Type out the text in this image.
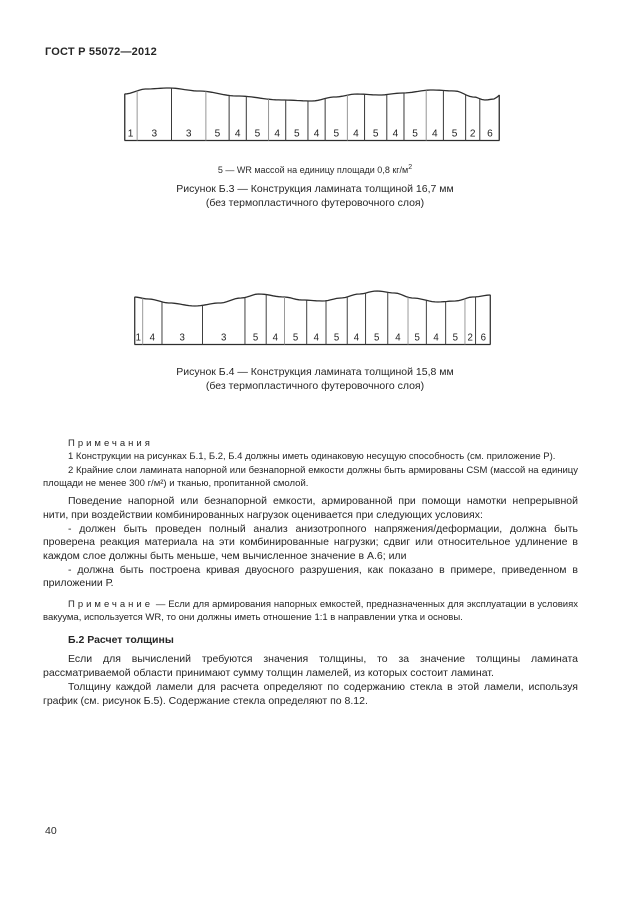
ГОСТ Р 55072—2012
1 3	3 5 4 5 4 5 4 5 4 5 4 5 4 5 2 6
5 — WR массой на единицу площади 0,8 $кг/м^2$
Рисунок Б.3 — Конструкция ламината толщиной 16,7 мм
(без термопластичного футеровочного слоя)
1 4 3	3	5 4 5 4 5 4 5 4 5 4 5 2 6
Рисунок Б.4 — Конструкция ламината толщиной 15,8 мм
(без термопластичного футеровочного слоя)

Примечания

1 Конструкции на рисунках Б.1, Б.2, Б.4 должны иметь одинаковую несущую способность (см. приложение Р).

2 Крайние слои ламината напорной или безнапорной емкости должны быть армированы CSM (массой на единицу площади не менее 300 г/м²) и тканью, пропитанной смолой.

Поведение напорной или безнапорной емкости, армированной при помощи намотки непрерывной нити, при воздействии комбинированных нагрузок оценивается при следующих условиях:

- должен быть проведен полный анализ анизотропного напряжения/деформации, должна быть проверена реакция материала на эти комбинированные нагрузки; сдвиг или относительное удлинение в каждом слое должны быть меньше, чем вычисленное значение в А.6; или

- должна быть построена кривая двуосного разрушения, как показано в примере, приведенном в приложении Р.

Примечание — Если для армирования напорных емкостей, предназначенных для эксплуатации в условиях вакуума, используется WR, то они должны иметь отношение 1:1 в направлении утка и основы.

Б.2 Расчет толщины

Если для вычислений требуются значения толщины, то за значение толщины ламината рассматриваемой области принимают сумму толщин ламелей, из которых состоит ламинат.

Толщину каждой ламели для расчета определяют по содержанию стекла в этой ламели, используя график (см. рисунок Б.5). Содержание стекла определяют по 8.12.

40
